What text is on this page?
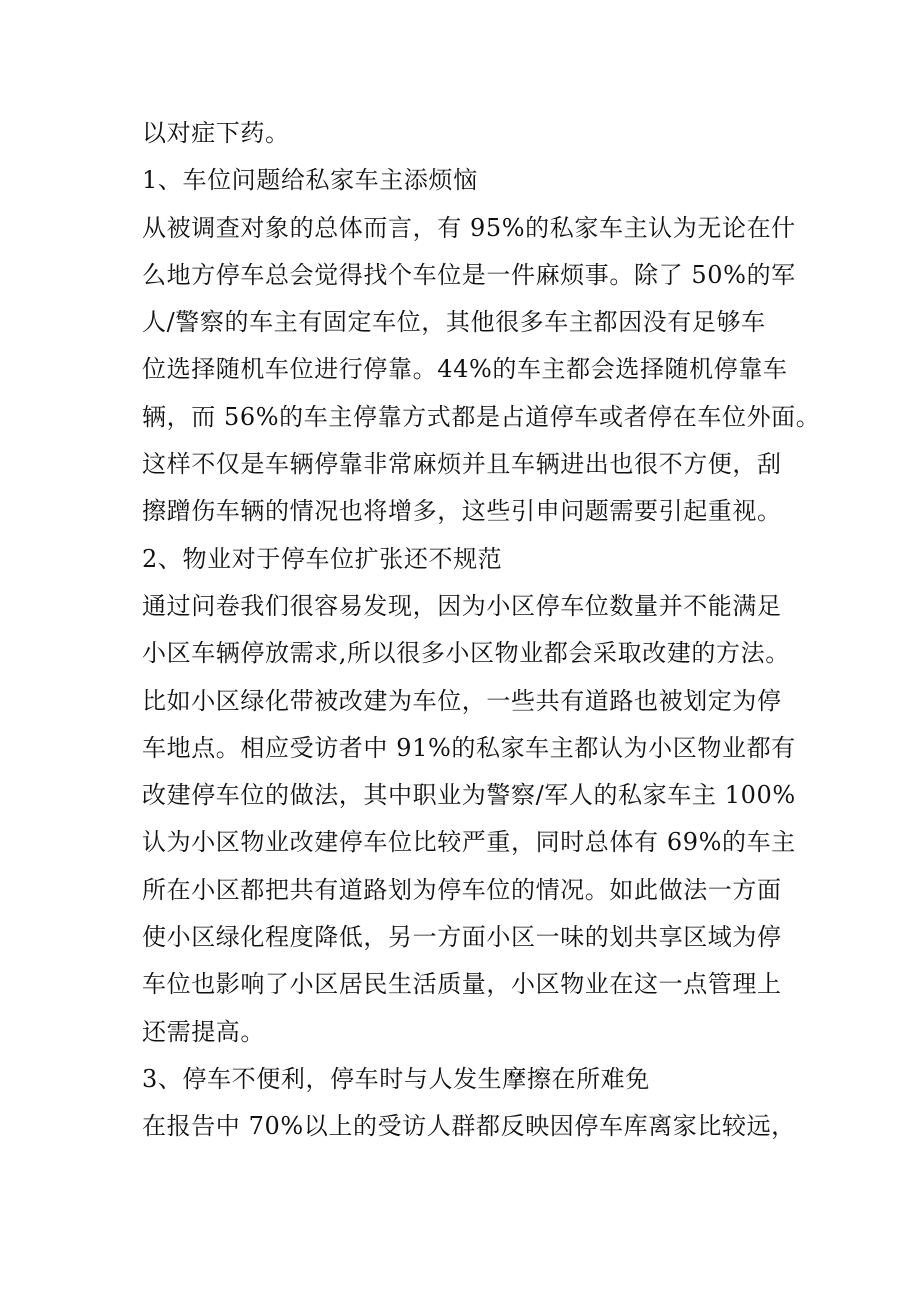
以对症下药。
1、车位问题给私家车主添烦恼
从被调查对象的总体而言，有 95%的私家车主认为无论在什
么地方停车总会觉得找个车位是一件麻烦事。除了 50%的军
人/警察的车主有固定车位，其他很多车主都因没有足够车
位选择随机车位进行停靠。44%的车主都会选择随机停靠车
辆，而 56%的车主停靠方式都是占道停车或者停在车位外面。
这样不仅是车辆停靠非常麻烦并且车辆进出也很不方便，刮
擦蹭伤车辆的情况也将增多，这些引申问题需要引起重视。
2、物业对于停车位扩张还不规范
通过问卷我们很容易发现，因为小区停车位数量并不能满足
小区车辆停放需求,所以很多小区物业都会采取改建的方法。
比如小区绿化带被改建为车位，一些共有道路也被划定为停
车地点。相应受访者中 91%的私家车主都认为小区物业都有
改建停车位的做法，其中职业为警察/军人的私家车主 100%
认为小区物业改建停车位比较严重，同时总体有 69%的车主
所在小区都把共有道路划为停车位的情况。如此做法一方面
使小区绿化程度降低，另一方面小区一味的划共享区域为停
车位也影响了小区居民生活质量，小区物业在这一点管理上
还需提高。
3、停车不便利，停车时与人发生摩擦在所难免
在报告中 70%以上的受访人群都反映因停车库离家比较远，
